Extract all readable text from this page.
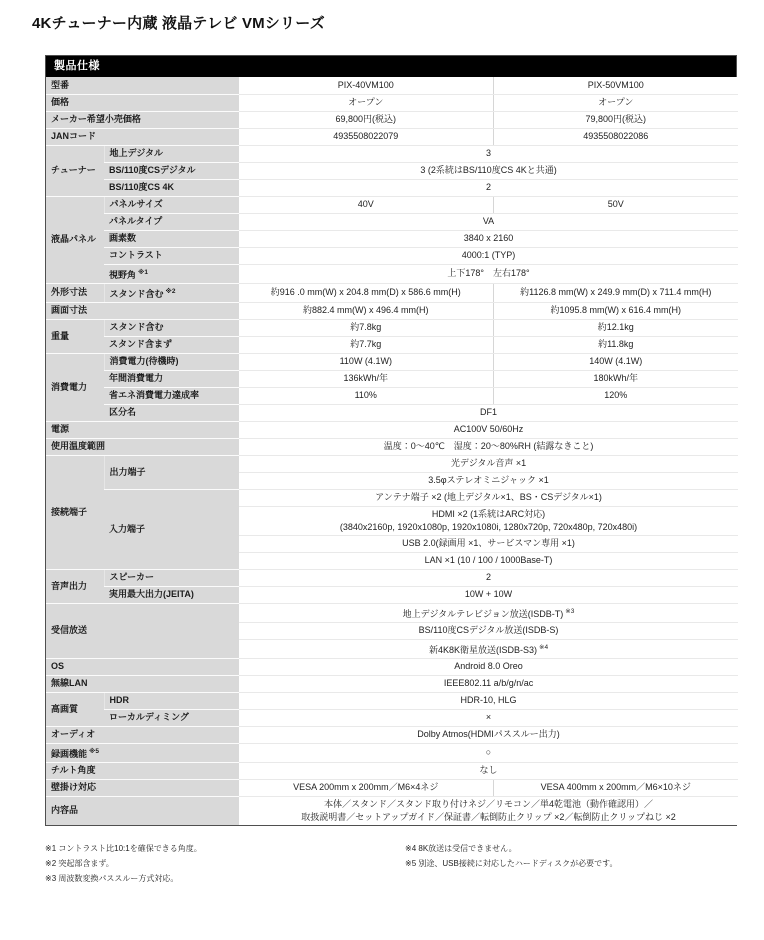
4Kチューナー内蔵 液晶テレビ VMシリーズ
製品仕様
型番		PIX-40VM100	PIX-50VM100
価格		オープン	オープン
メーカー希望小売価格		69,800円(税込)	79,800円(税込)
JANコード		4935508022079	4935508022086
チューナー	地上デジタル	3	
	BS/110度CSデジタル	3 (2系統はBS/110度CS 4Kと共通)	
	BS/110度CS 4K	2	
液晶パネル	パネルサイズ	40V	50V
	パネルタイプ	VA	
	画素数	3840 x 2160	
	コントラスト	4000:1 (TYP)	
	視野角 $^{※1}$	上下178°　左右178°	
外形寸法	スタンド含む $^{※2}$	約916 .0 mm(W) x 204.8 mm(D) x 586.6 mm(H)	約1126.8 mm(W) x 249.9 mm(D) x 711.4 mm(H)
画面寸法		約882.4 mm(W) x 496.4 mm(H)	約1095.8 mm(W) x 616.4 mm(H)
重量	スタンド含む	約7.8kg	約12.1kg
	スタンド含まず	約7.7kg	約11.8kg
消費電力	消費電力(待機時)	110W (4.1W)	140W (4.1W)
	年間消費電力	136kWh/年	180kWh/年
	省エネ消費電力達成率	110%	120%
	区分名	DF1	
電源		AC100V 50/60Hz	
使用温度範囲		温度：0～40℃　湿度：20～80%RH (結露なきこと)	
接続端子	出力端子	光デジタル音声 ×1	
		3.5φステレオミニジャック ×1	
	入力端子	アンテナ端子 ×2 (地上デジタル×1、BS・CSデジタル×1)	
		HDMI ×2 (1系統はARC対応)
(3840x2160p, 1920x1080p, 1920x1080i, 1280x720p, 720x480p, 720x480i)	
		USB 2.0(録画用 ×1、サービスマン専用 ×1)	
		LAN ×1 (10 / 100 / 1000Base-T)	
音声出力	スピーカー	2	
	実用最大出力(JEITA)	10W + 10W	
受信放送		地上デジタルテレビジョン放送(ISDB-T) $^{※3}$
		BS/110度CSデジタル放送(ISDB-S)	
		新4K8K衛星放送(ISDB-S3) $^{※4}$
OS		Android 8.0 Oreo	
無線LAN		IEEE802.11 a/b/g/n/ac	
高画質	HDR	HDR-10, HLG	
	ローカルディミング	×	
オーディオ		Dolby Atmos(HDMIパススルー出力)	
録画機能 $^{※5}$		○	
チルト角度		なし	
壁掛け対応		VESA 200mm x 200mm／M6×4ネジ	VESA 400mm x 200mm／M6×10ネジ
内容品		本体／スタンド／スタンド取り付けネジ／リモコン／単4乾電池（動作確認用）／
取扱説明書／セットアップガイド／保証書／転倒防止クリップ ×2／転倒防止クリップねじ ×2	
※1 コントラスト比10:1を確保できる角度。
※2 突起部含まず。
※3 周波数変換パススルー方式対応。
※4 8K放送は受信できません。
※5 別途、USB接続に対応したハードディスクが必要です。
